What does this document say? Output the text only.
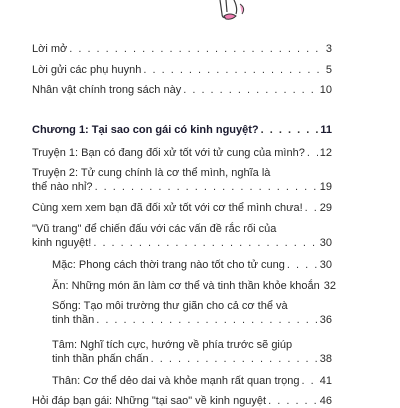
Lời mở . . .	3
Lời gửi các phụ huynh . . .	5
Nhân vật chính trong sách này . . .	10
Chương 1: Tại sao con gái có kinh nguyệt? . . .	11
Truyện 1: Bạn có đang đối xử tốt với tử cung của mình? . . . 12
Truyện 2: Tử cung chính là cơ thể mình, nghĩa là
thể nào nhỉ? . . .	19
Cùng xem xem bạn đã đối xử tốt với cơ thể mình chưa! . . . 29
"Vũ trang" để chiến đấu với các vấn đề rắc rối của
kinh nguyệt! . . .	30
Mặc: Phong cách thời trang nào tốt cho tử cung . . .	30
Ăn: Những món ăn làm cơ thể và tinh thần khỏe khoắn 32
Sống: Tạo môi trường thư giãn cho cả cơ thể và
tinh thần . . .	36
Tâm: Nghĩ tích cực, hướng về phía trước sẽ giúp
tinh thần phấn chấn . . .	38
Thân: Cơ thể dẻo dai và khỏe mạnh rất quan trọng . . . 41
Hỏi đáp bạn gái: Những "tại sao" về kinh nguyệt . . .	46
